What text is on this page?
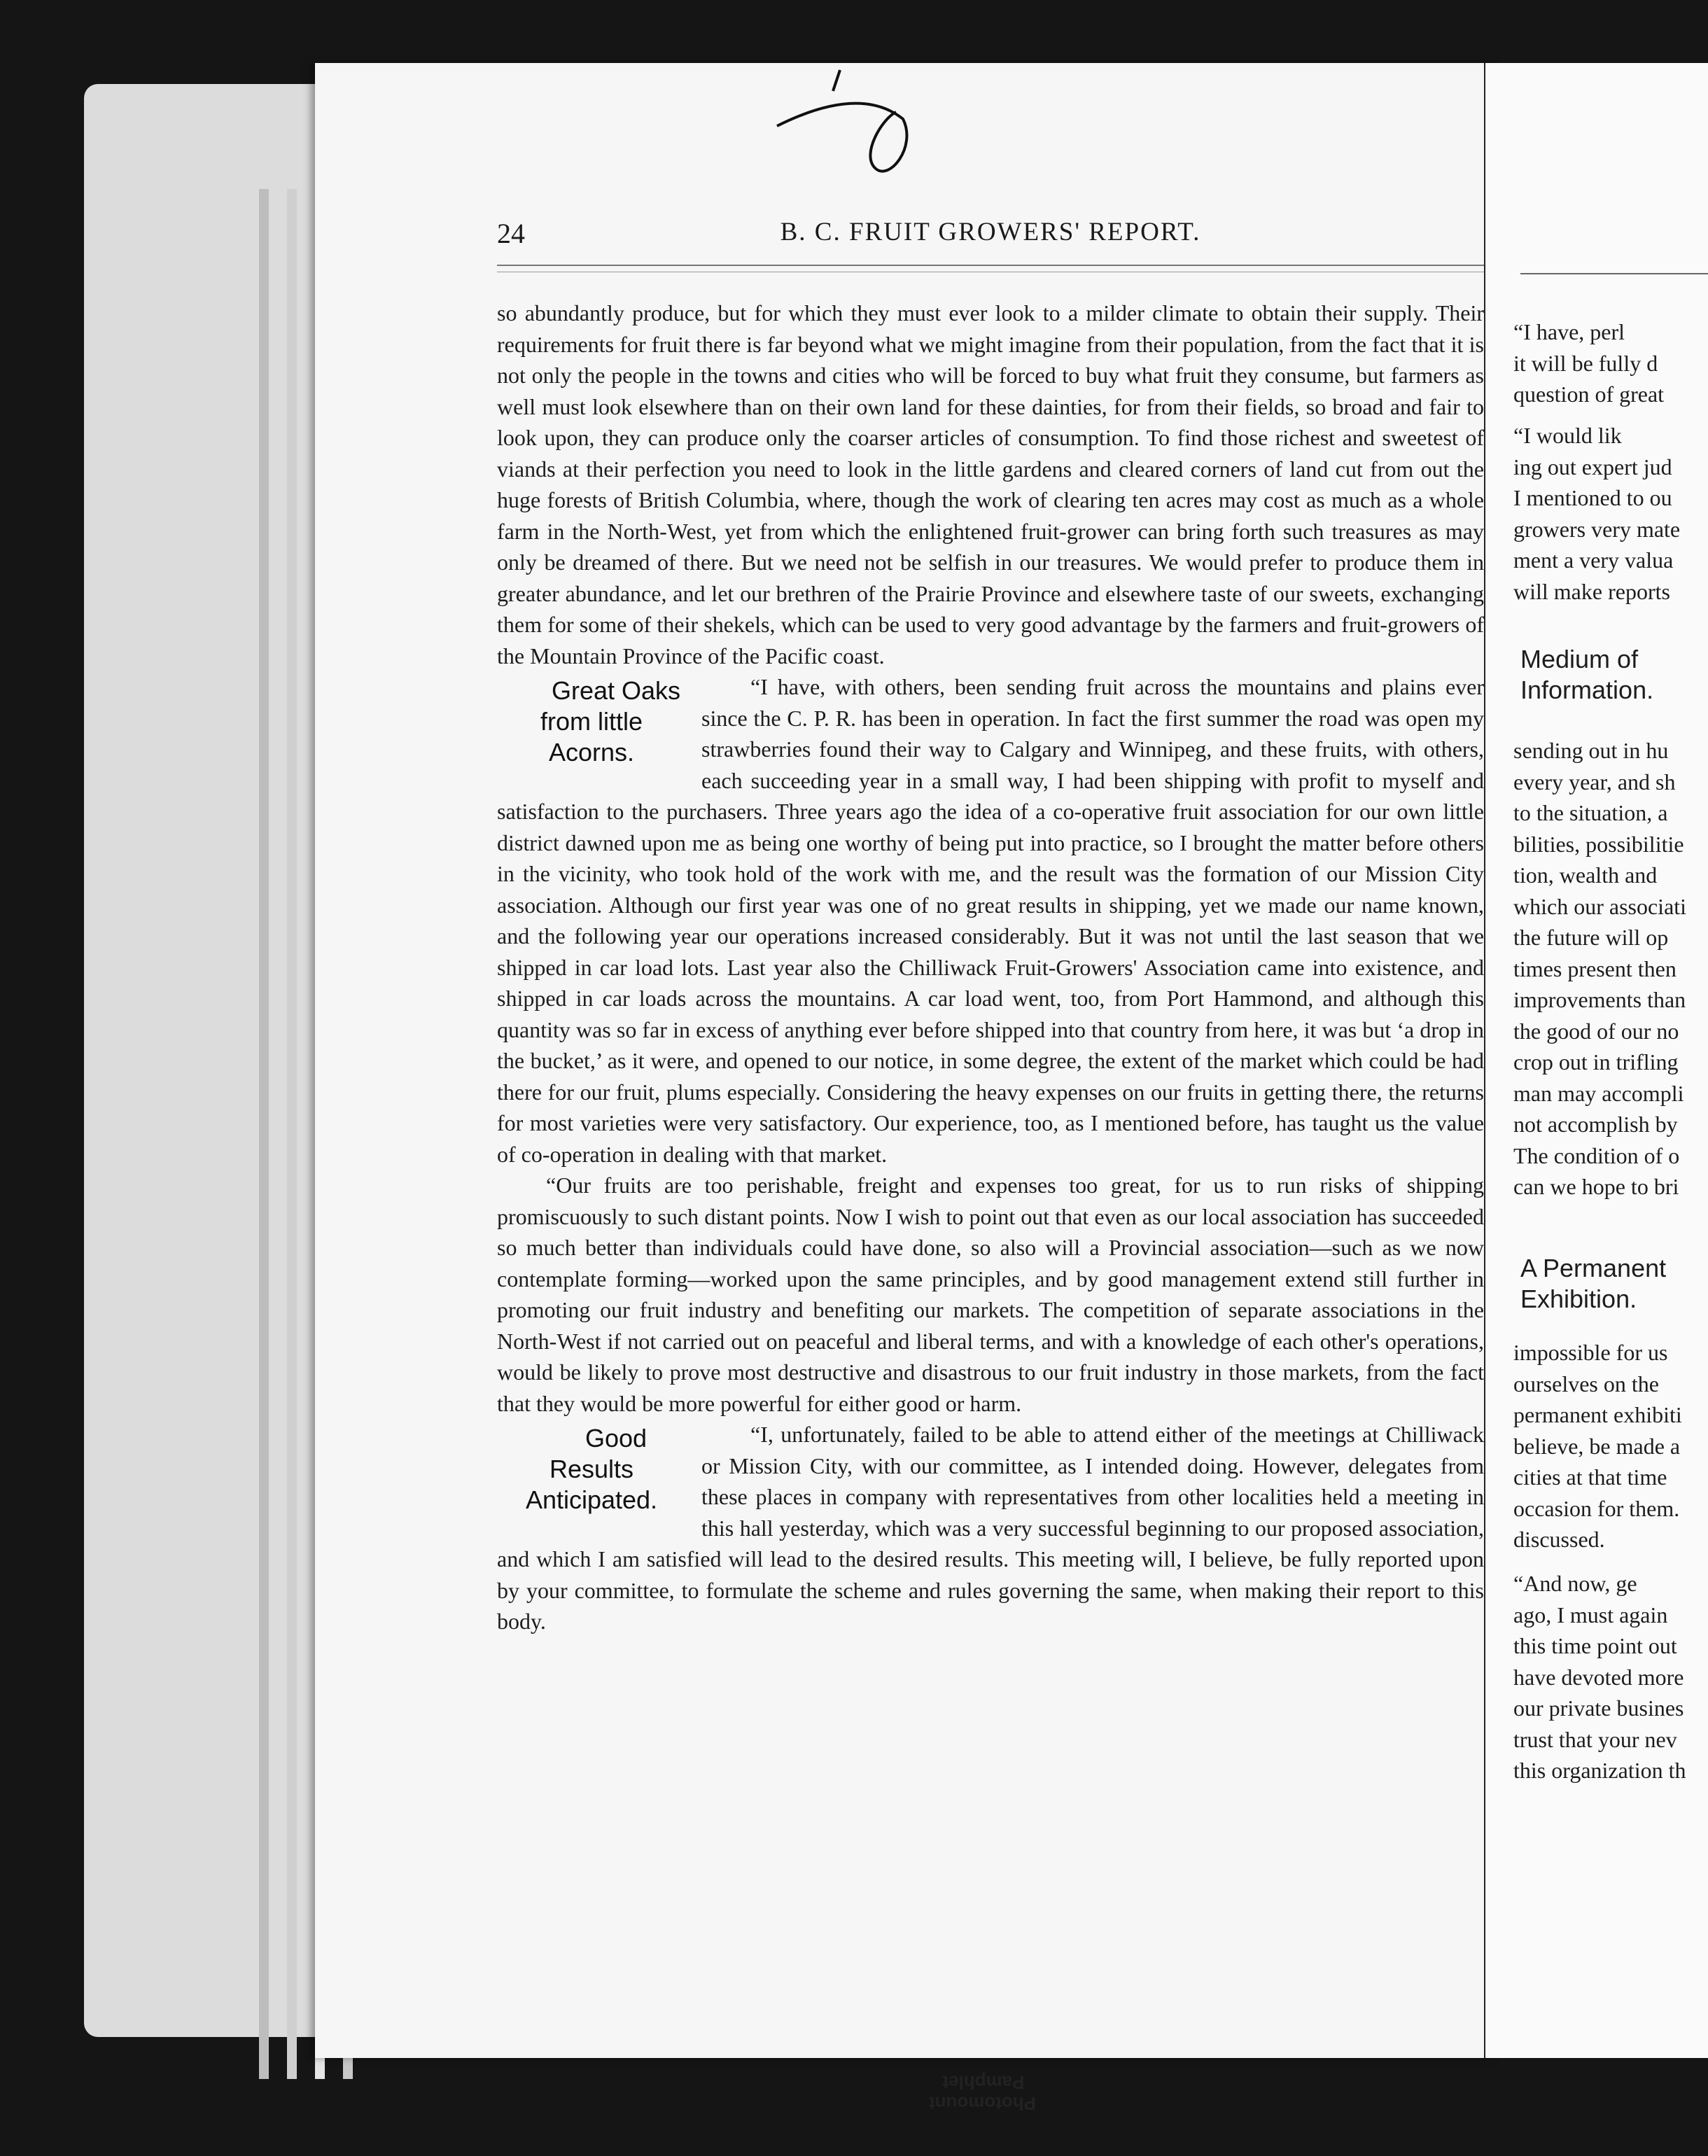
24	B. C. FRUIT GROWERS' REPORT.

so abundantly produce, but for which they must ever look to a milder climate to obtain their supply. Their requirements for fruit there is far beyond what we might imagine from their population, from the fact that it is not only the people in the towns and cities who will be forced to buy what fruit they consume, but farmers as well must look elsewhere than on their own land for these dainties, for from their fields, so broad and fair to look upon, they can produce only the coarser articles of consumption. To find those richest and sweetest of viands at their perfection you need to look in the little gardens and cleared corners of land cut from out the huge forests of British Columbia, where, though the work of clearing ten acres may cost as much as a whole farm in the North-West, yet from which the enlightened fruit-grower can bring forth such treasures as may only be dreamed of there. But we need not be selfish in our treasures. We would prefer to produce them in greater abundance, and let our brethren of the Prairie Province and elsewhere taste of our sweets, exchanging them for some of their shekels, which can be used to very good advantage by the farmers and fruit-growers of the Mountain Province of the Pacific coast.

Great Oaks from little Acorns.
“I have, with others, been sending fruit across the mountains and plains ever since the C. P. R. has been in operation. In fact the first summer the road was open my strawberries found their way to Calgary and Winnipeg, and these fruits, with others, each succeeding year in a small way, I had been shipping with profit to myself and satisfaction to the purchasers. Three years ago the idea of a co-operative fruit association for our own little district dawned upon me as being one worthy of being put into practice, so I brought the matter before others in the vicinity, who took hold of the work with me, and the result was the formation of our Mission City association. Although our first year was one of no great results in shipping, yet we made our name known, and the following year our operations increased considerably. But it was not until the last season that we shipped in car load lots. Last year also the Chilliwack Fruit-Growers' Association came into existence, and shipped in car loads across the mountains. A car load went, too, from Port Hammond, and although this quantity was so far in excess of anything ever before shipped into that country from here, it was but ‘a drop in the bucket,’ as it were, and opened to our notice, in some degree, the extent of the market which could be had there for our fruit, plums especially. Considering the heavy expenses on our fruits in getting there, the returns for most varieties were very satisfactory. Our experience, too, as I mentioned before, has taught us the value of co-operation in dealing with that market.

“Our fruits are too perishable, freight and expenses too great, for us to run risks of shipping promiscuously to such distant points. Now I wish to point out that even as our local association has succeeded so much better than individuals could have done, so also will a Provincial association—such as we now contemplate forming—worked upon the same principles, and by good management extend still further in promoting our fruit industry and benefiting our markets. The competition of separate associations in the North-West if not carried out on peaceful and liberal terms, and with a knowledge of each other's operations, would be likely to prove most destructive and disastrous to our fruit industry in those markets, from the fact that they would be more powerful for either good or harm.

Good Results Anticipated.
“I, unfortunately, failed to be able to attend either of the meetings at Chilliwack or Mission City, with our committee, as I intended doing. However, delegates from these places in company with representatives from other localities held a meeting in this hall yesterday, which was a very successful beginning to our proposed association, and which I am satisfied will lead to the desired results. This meeting will, I believe, be fully reported upon by your committee, to formulate the scheme and rules governing the same, when making their report to this body.

“I have, perl
it will be fully d
question of great
“I would lik
ing out expert jud
I mentioned to ou
growers very mate
ment a very valua
will make reports
Medium of
Information.
sending out in hu
every year, and sh
to the situation, a
bilities, possibilitie
tion, wealth and
which our associati
the future will op
times present then
improvements than
the good of our no
crop out in trifling
man may accompli
not accomplish by
The condition of o
can we hope to bri
A Permanent
Exhibition.
impossible for us
ourselves on the
permanent exhibiti
believe, be made a
cities at that time
occasion for them.
discussed.
“And now, ge
ago, I must again
this time point out
have devoted more
our private busines
trust that your nev
this organization th
Photomount
Pamphlet
